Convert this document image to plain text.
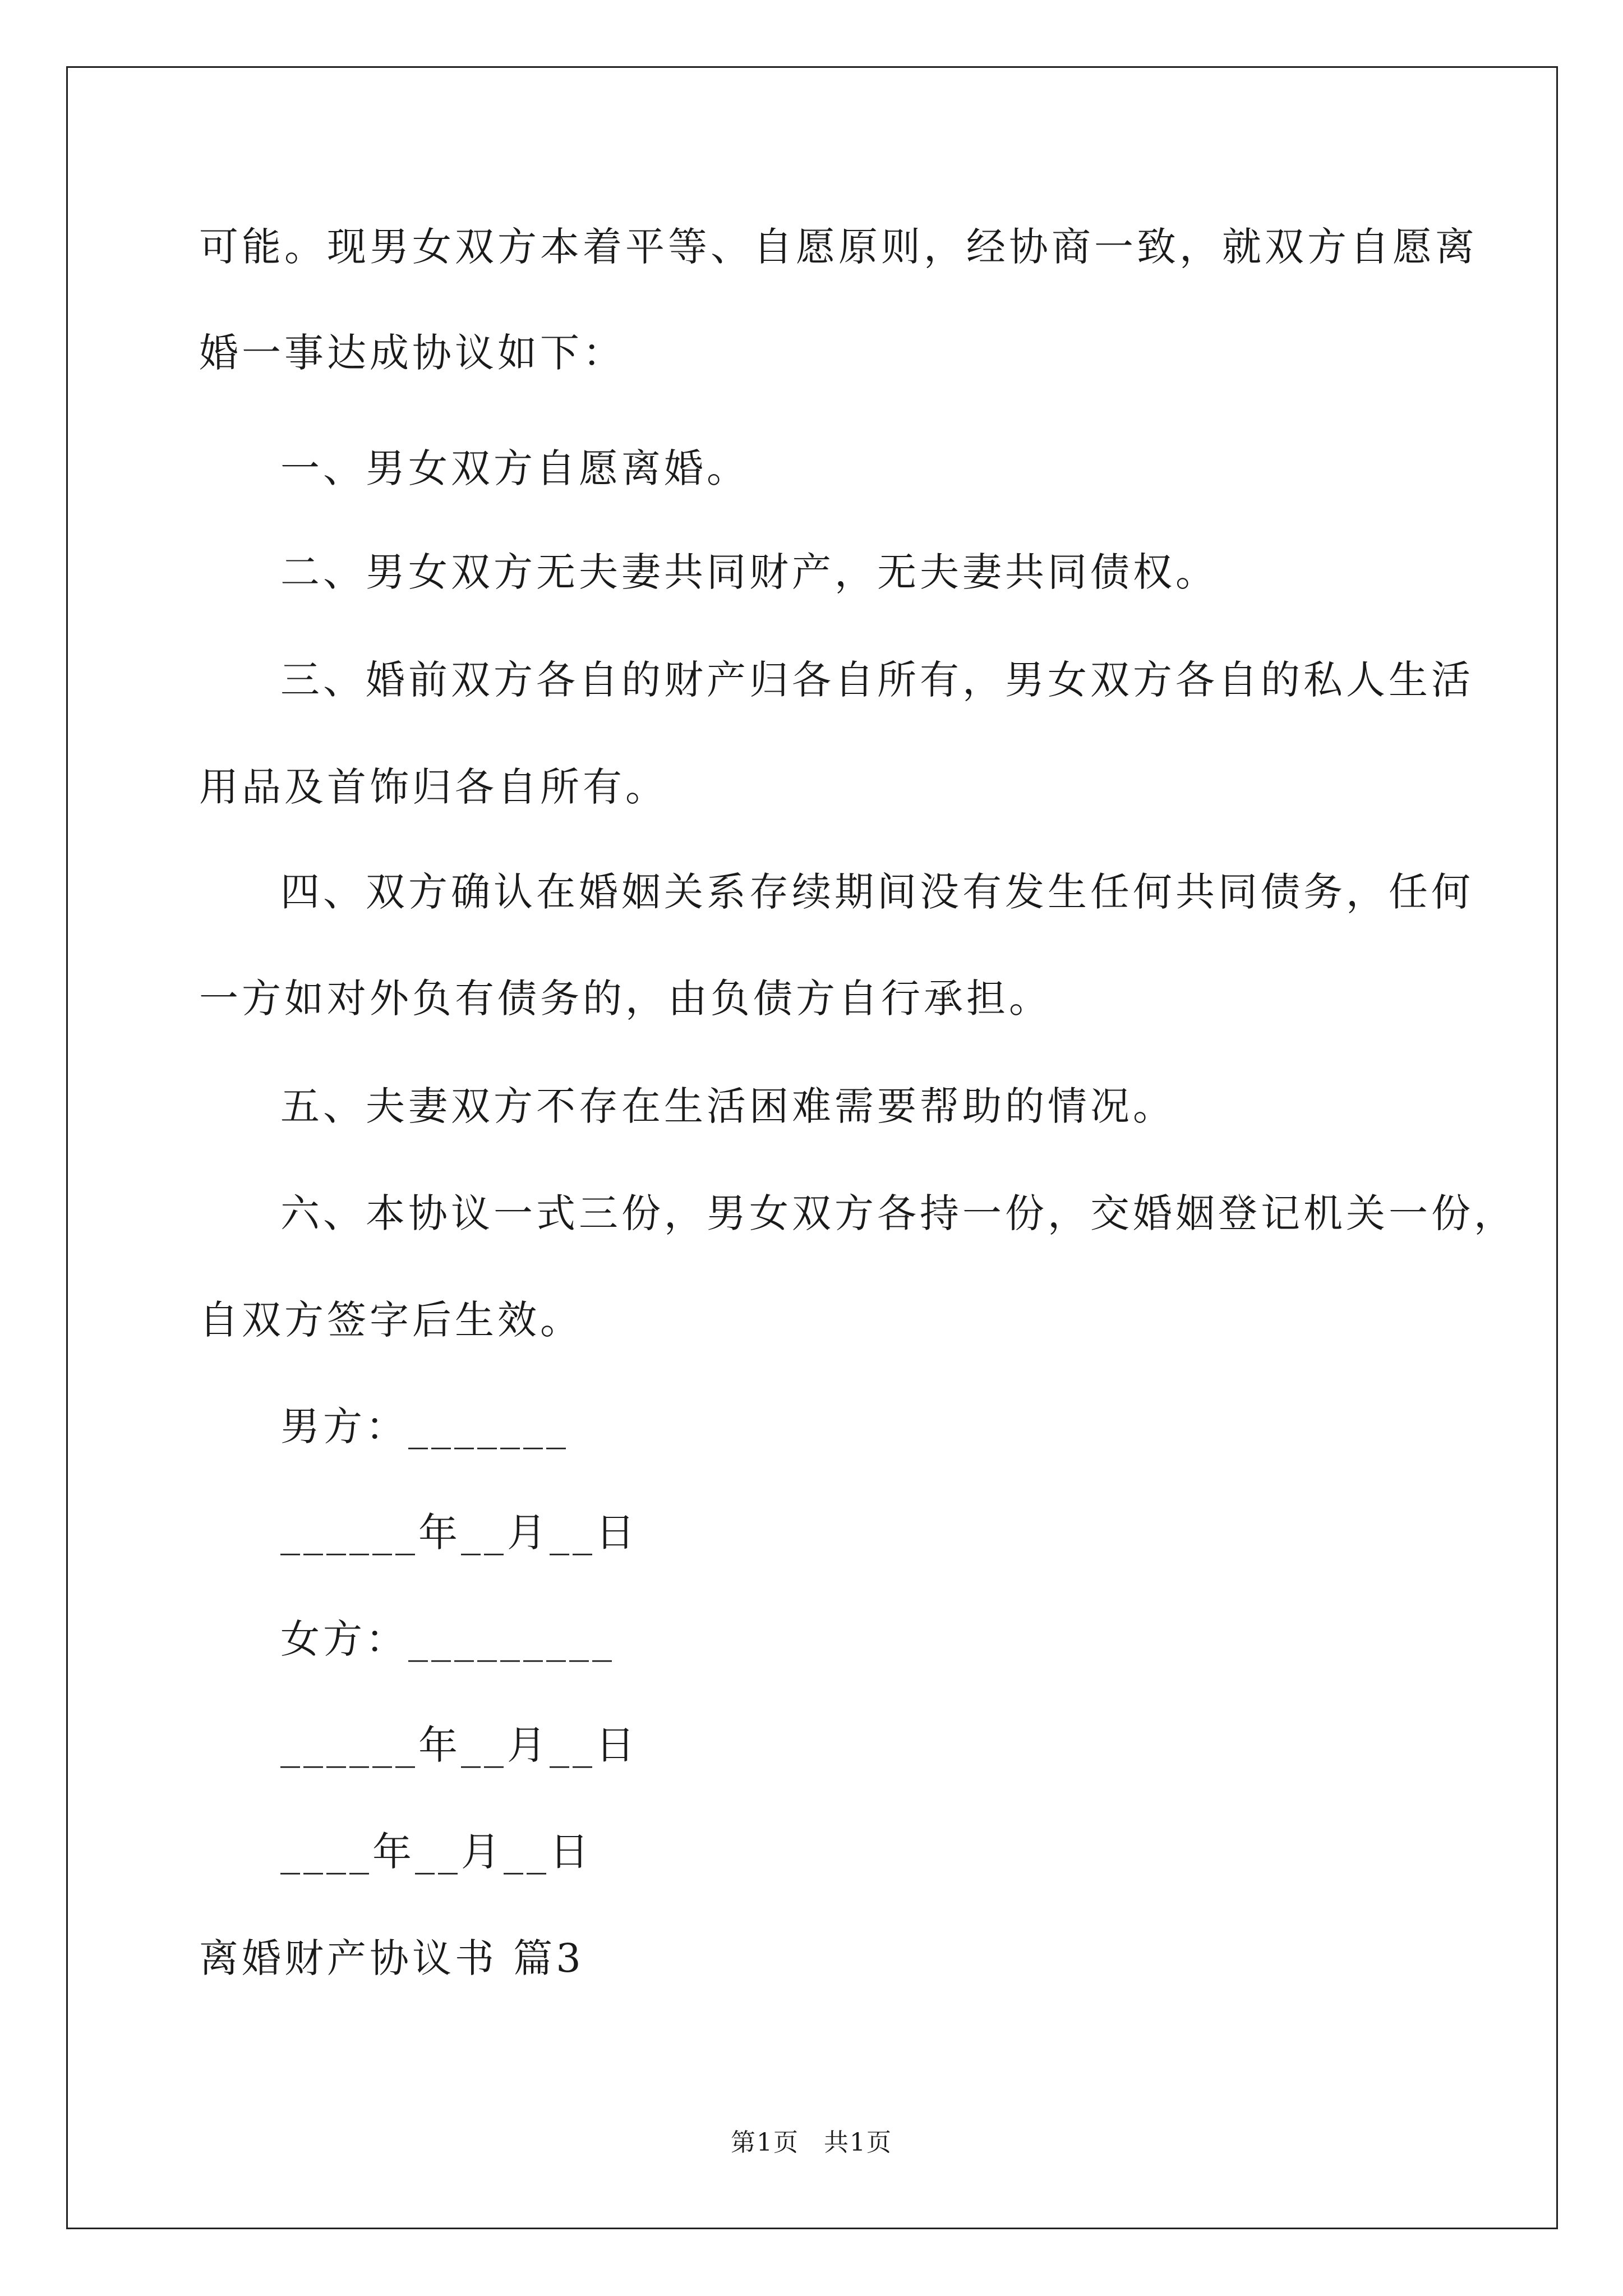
可能。现男女双方本着平等、自愿原则，经协商一致，就双方自愿离
婚一事达成协议如下：
一、男女双方自愿离婚。
二、男女双方无夫妻共同财产，无夫妻共同债权。
三、婚前双方各自的财产归各自所有，男女双方各自的私人生活
用品及首饰归各自所有。
四、双方确认在婚姻关系存续期间没有发生任何共同债务，任何
一方如对外负有债务的，由负债方自行承担。
五、夫妻双方不存在生活困难需要帮助的情况。
六、本协议一式三份，男女双方各持一份，交婚姻登记机关一份，
自双方签字后生效。
男方：_______
______年__月__日
女方：_________
______年__月__日
____年__月__日
离婚财产协议书 篇3
第1页 共1页
